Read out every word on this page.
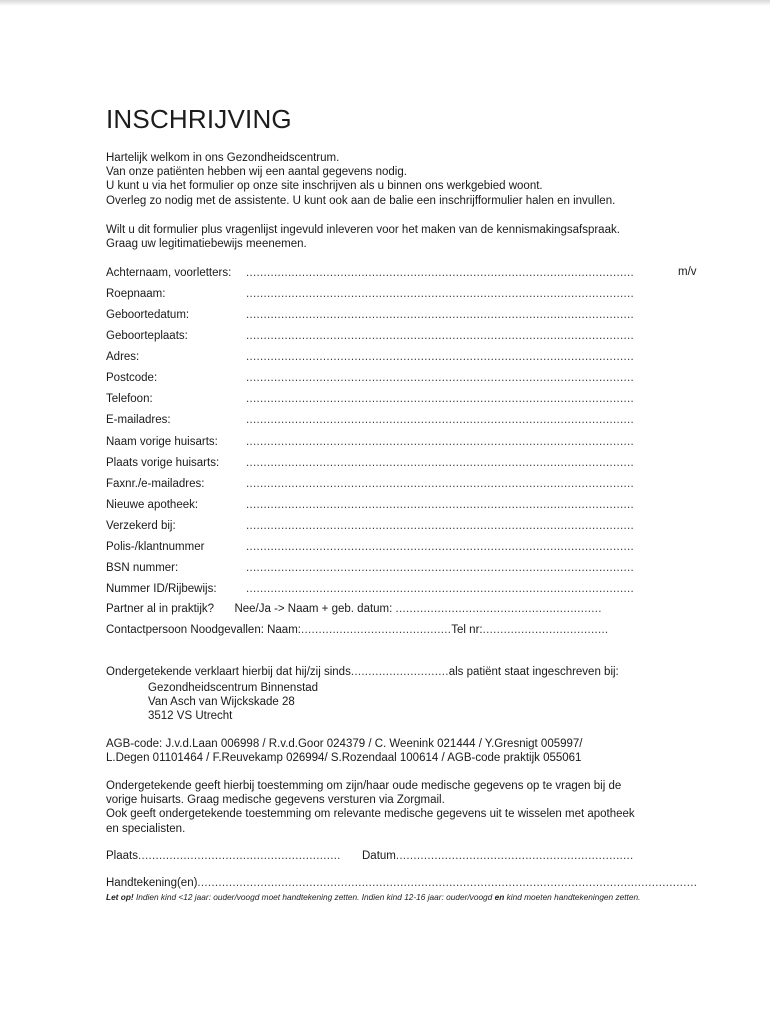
INSCHRIJVING
Hartelijk welkom in ons Gezondheidscentrum.
Van onze patiënten hebben wij een aantal gegevens nodig.
U kunt u via het formulier op onze site inschrijven als u binnen ons werkgebied woont.
Overleg zo nodig met de assistente. U kunt ook aan de balie een inschrijfformulier halen en invullen.
Wilt u dit formulier plus vragenlijst ingevuld inleveren voor het maken van de kennismakingsafspraak.
Graag uw legitimatiebewijs meenemen.
m/v
Achternaam, voorletters:
.....
Roepnaam:
.....
Geboortedatum:
.....
Geboorteplaats:
.....
Adres:
.....
Postcode:
.....
Telefoon:
.....
E-mailadres:
.....
Naam vorige huisarts:
.....
Plaats vorige huisarts:
.....
Faxnr./e-mailadres:
.....
Nieuwe apotheek:
.....
Verzekerd bij:
.....
Polis-/klantnummer
.....
BSN nummer:
.....
Nummer ID/Rijbewijs:
.....
Partner al in praktijk? Nee/Ja -> Naam + geb. datum: ...........................................................
Contactpersoon Noodgevallen: Naam:...........................................Tel nr:....................................
Ondergetekende verklaart hierbij dat hij/zij sinds............................als patiënt staat ingeschreven bij:
Gezondheidscentrum Binnenstad
Van Asch van Wijckskade 28
3512 VS Utrecht
AGB-code: J.v.d.Laan 006998 / R.v.d.Goor 024379 / C. Weenink 021444 / Y.Gresnigt 005997/
L.Degen 01101464 / F.Reuvekamp 026994/ S.Rozendaal 100614 / AGB-code praktijk 055061
Ondergetekende geeft hierbij toestemming om zijn/haar oude medische gegevens op te vragen bij de
vorige huisarts. Graag medische gegevens versturen via Zorgmail.
Ook geeft ondergetekende toestemming om relevante medische gegevens uit te wisselen met apotheek
en specialisten.
Plaats.......................................................... Datum....................................................................
Handtekening(en)...............................................................................................................................................
Let op! Indien kind <12 jaar: ouder/voogd moet handtekening zetten. Indien kind 12-16 jaar: ouder/voogd en kind moeten handtekeningen zetten.
